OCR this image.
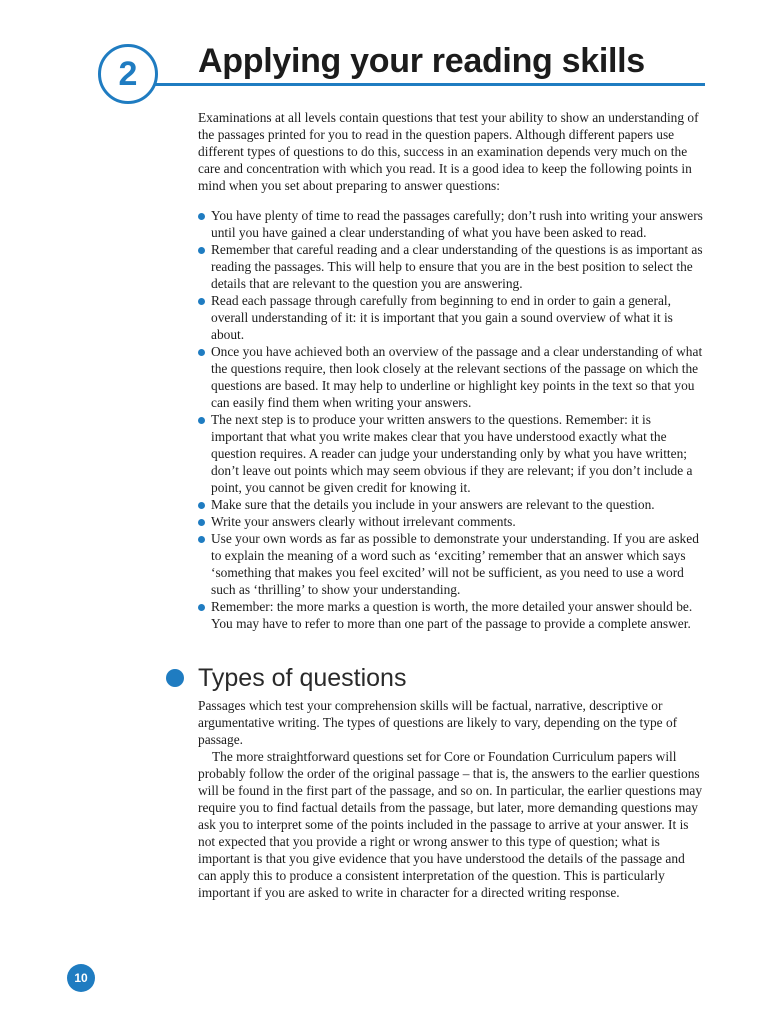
2	Applying your reading skills

Examinations at all levels contain questions that test your ability to show an understanding of the passages printed for you to read in the question papers. Although different papers use different types of questions to do this, success in an examination depends very much on the care and concentration with which you read. It is a good idea to keep the following points in mind when you set about preparing to answer questions:

You have plenty of time to read the passages carefully; don’t rush into writing your answers until you have gained a clear understanding of what you have been asked to read.
Remember that careful reading and a clear understanding of the questions is as important as reading the passages. This will help to ensure that you are in the best position to select the details that are relevant to the question you are answering.
Read each passage through carefully from beginning to end in order to gain a general, overall understanding of it: it is important that you gain a sound overview of what it is about.
Once you have achieved both an overview of the passage and a clear understanding of what the questions require, then look closely at the relevant sections of the passage on which the questions are based. It may help to underline or highlight key points in the text so that you can easily find them when writing your answers.
The next step is to produce your written answers to the questions. Remember: it is important that what you write makes clear that you have understood exactly what the question requires. A reader can judge your understanding only by what you have written; don’t leave out points which may seem obvious if they are relevant; if you don’t include a point, you cannot be given credit for knowing it.
Make sure that the details you include in your answers are relevant to the question.
Write your answers clearly without irrelevant comments.
Use your own words as far as possible to demonstrate your understanding. If you are asked to explain the meaning of a word such as ‘exciting’ remember that an answer which says ‘something that makes you feel excited’ will not be sufficient, as you need to use a word such as ‘thrilling’ to show your understanding.
Remember: the more marks a question is worth, the more detailed your answer should be. You may have to refer to more than one part of the passage to provide a complete answer.
Types of questions

Passages which test your comprehension skills will be factual, narrative, descriptive or argumentative writing. The types of questions are likely to vary, depending on the type of passage.

The more straightforward questions set for Core or Foundation Curriculum papers will probably follow the order of the original passage – that is, the answers to the earlier questions will be found in the first part of the passage, and so on. In particular, the earlier questions may require you to find factual details from the passage, but later, more demanding questions may ask you to interpret some of the points included in the passage to arrive at your answer. It is not expected that you provide a right or wrong answer to this type of question; what is important is that you give evidence that you have understood the details of the passage and can apply this to produce a consistent interpretation of the question. This is particularly important if you are asked to write in character for a directed writing response.

10
